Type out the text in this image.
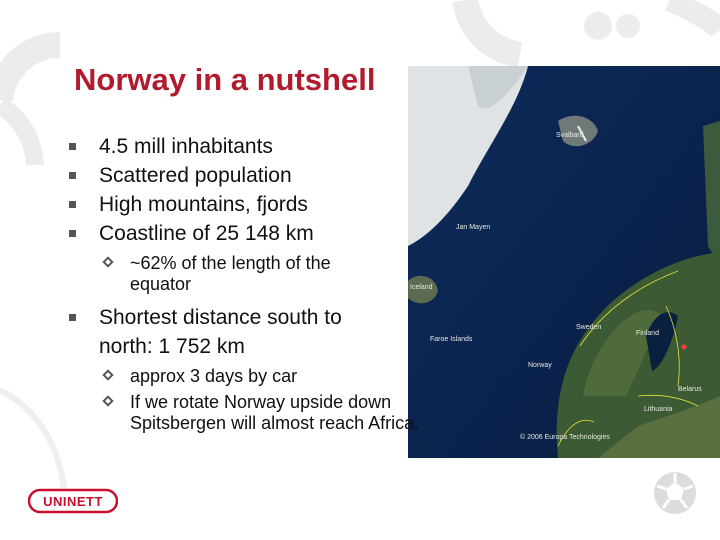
Norway in a nutshell
Svalbard
Jan Mayen
Iceland
Faroe Islands
Sweden
Finland
Norway
Lithuania
Belarus
© 2006 Europa Technologies
4.5 mill inhabitants
Scattered population
High mountains, fjords
Coastline of 25 148 km
~62% of the length of the equator
Shortest distance south to north: 1 752 km
approx 3 days by car
If we rotate Norway upside down Spitsbergen will almost reach Africa.
UNINETT
